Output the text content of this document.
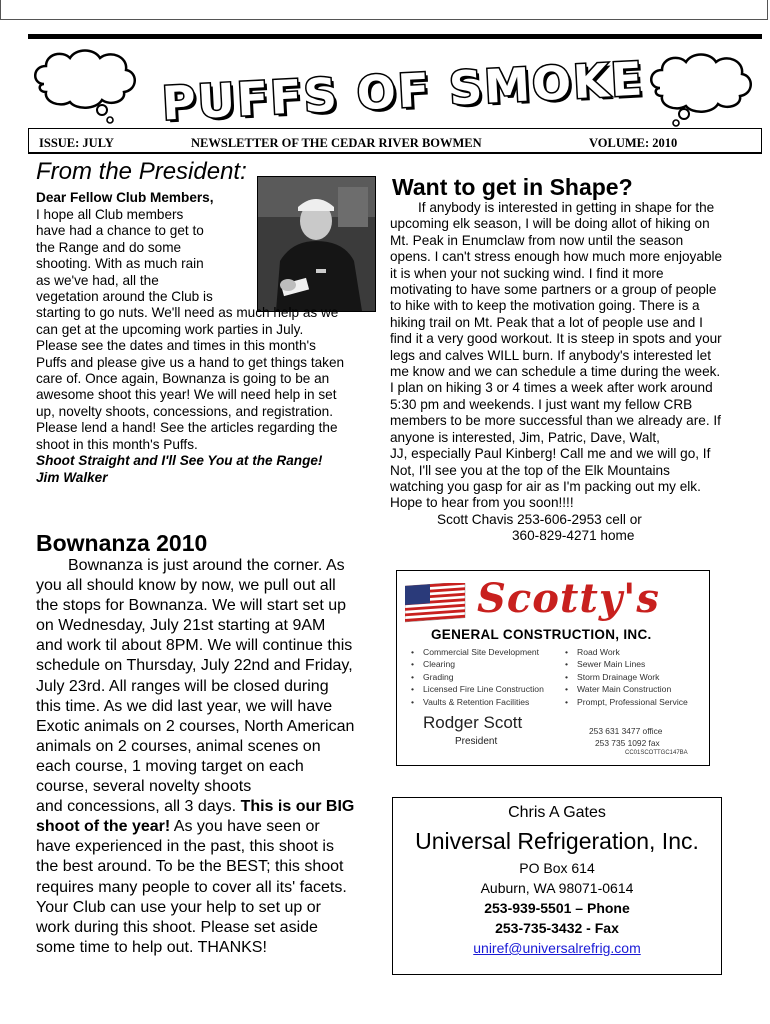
PUFFS OF SMOKE
ISSUE: JULY	NEWSLETTER OF THE CEDAR RIVER BOWMEN	VOLUME: 2010
From the President:
Dear Fellow Club Members,

I hope all Club members

have had a chance to get to

the Range and do some

shooting. With as much rain

as we've had, all the

vegetation around the Club is

starting to go nuts. We'll need as much help as we

can get at the upcoming work parties in July.

Please see the dates and times in this month's

Puffs and please give us a hand to get things taken

care of. Once again, Bownanza is going to be an

awesome shoot this year! We will need help in set

up, novelty shoots, concessions, and registration.

Please lend a hand! See the articles regarding the

shoot in this month's Puffs.

Shoot Straight and I'll See You at the Range!

Jim Walker

Want to get in Shape?

If anybody is interested in getting in shape for the

upcoming elk season, I will be doing allot of hiking on

Mt. Peak in Enumclaw from now until the season

opens. I can't stress enough how much more enjoyable

it is when your not sucking wind. I find it more

motivating to have some partners or a group of people

to hike with to keep the motivation going. There is a

hiking trail on Mt. Peak that a lot of people use and I

find it a very good workout. It is steep in spots and your

legs and calves WILL burn. If anybody's interested let

me know and we can schedule a time during the week.

I plan on hiking 3 or 4 times a week after work around

5:30 pm and weekends. I just want my fellow CRB

members to be more successful than we already are. If

anyone is interested, Jim, Patric, Dave, Walt,

JJ, especially Paul Kinberg! Call me and we will go, If

Not, I'll see you at the top of the Elk Mountains

watching you gasp for air as I'm packing out my elk.

Hope to hear from you soon!!!!

Scott Chavis 253-606-2953 cell or

360-829-4271 home

Bownanza 2010

Bownanza is just around the corner. As

you all should know by now, we pull out all

the stops for Bownanza. We will start set up

on Wednesday, July 21st starting at 9AM

and work til about 8PM. We will continue this

schedule on Thursday, July 22nd and Friday,

July 23rd. All ranges will be closed during

this time. As we did last year, we will have

Exotic animals on 2 courses, North American

animals on 2 courses, animal scenes on

each course, 1 moving target on each

course, several novelty shoots

and concessions, all 3 days. This is our BIG

shoot of the year! As you have seen or

have experienced in the past, this shoot is

the best around. To be the BEST; this shoot

requires many people to cover all its' facets.

Your Club can use your help to set up or

work during this shoot. Please set aside

some time to help out. THANKS!

Scotty's
GENERAL CONSTRUCTION, INC.
• Commercial Site Development
• Clearing
• Grading
• Licensed Fire Line Construction
• Vaults & Retention Facilities
• Road Work
• Sewer Main Lines
• Storm Drainage Work
• Water Main Construction
• Prompt, Professional Service
Rodger Scott
President
253 631 3477 office
253 735 1092 fax
CC01SCOTTGC147BA
Chris A Gates
Universal Refrigeration, Inc.
PO Box 614
Auburn, WA 98071-0614
253-939-5501 – Phone
253-735-3432 - Fax
uniref@universalrefrig.com
